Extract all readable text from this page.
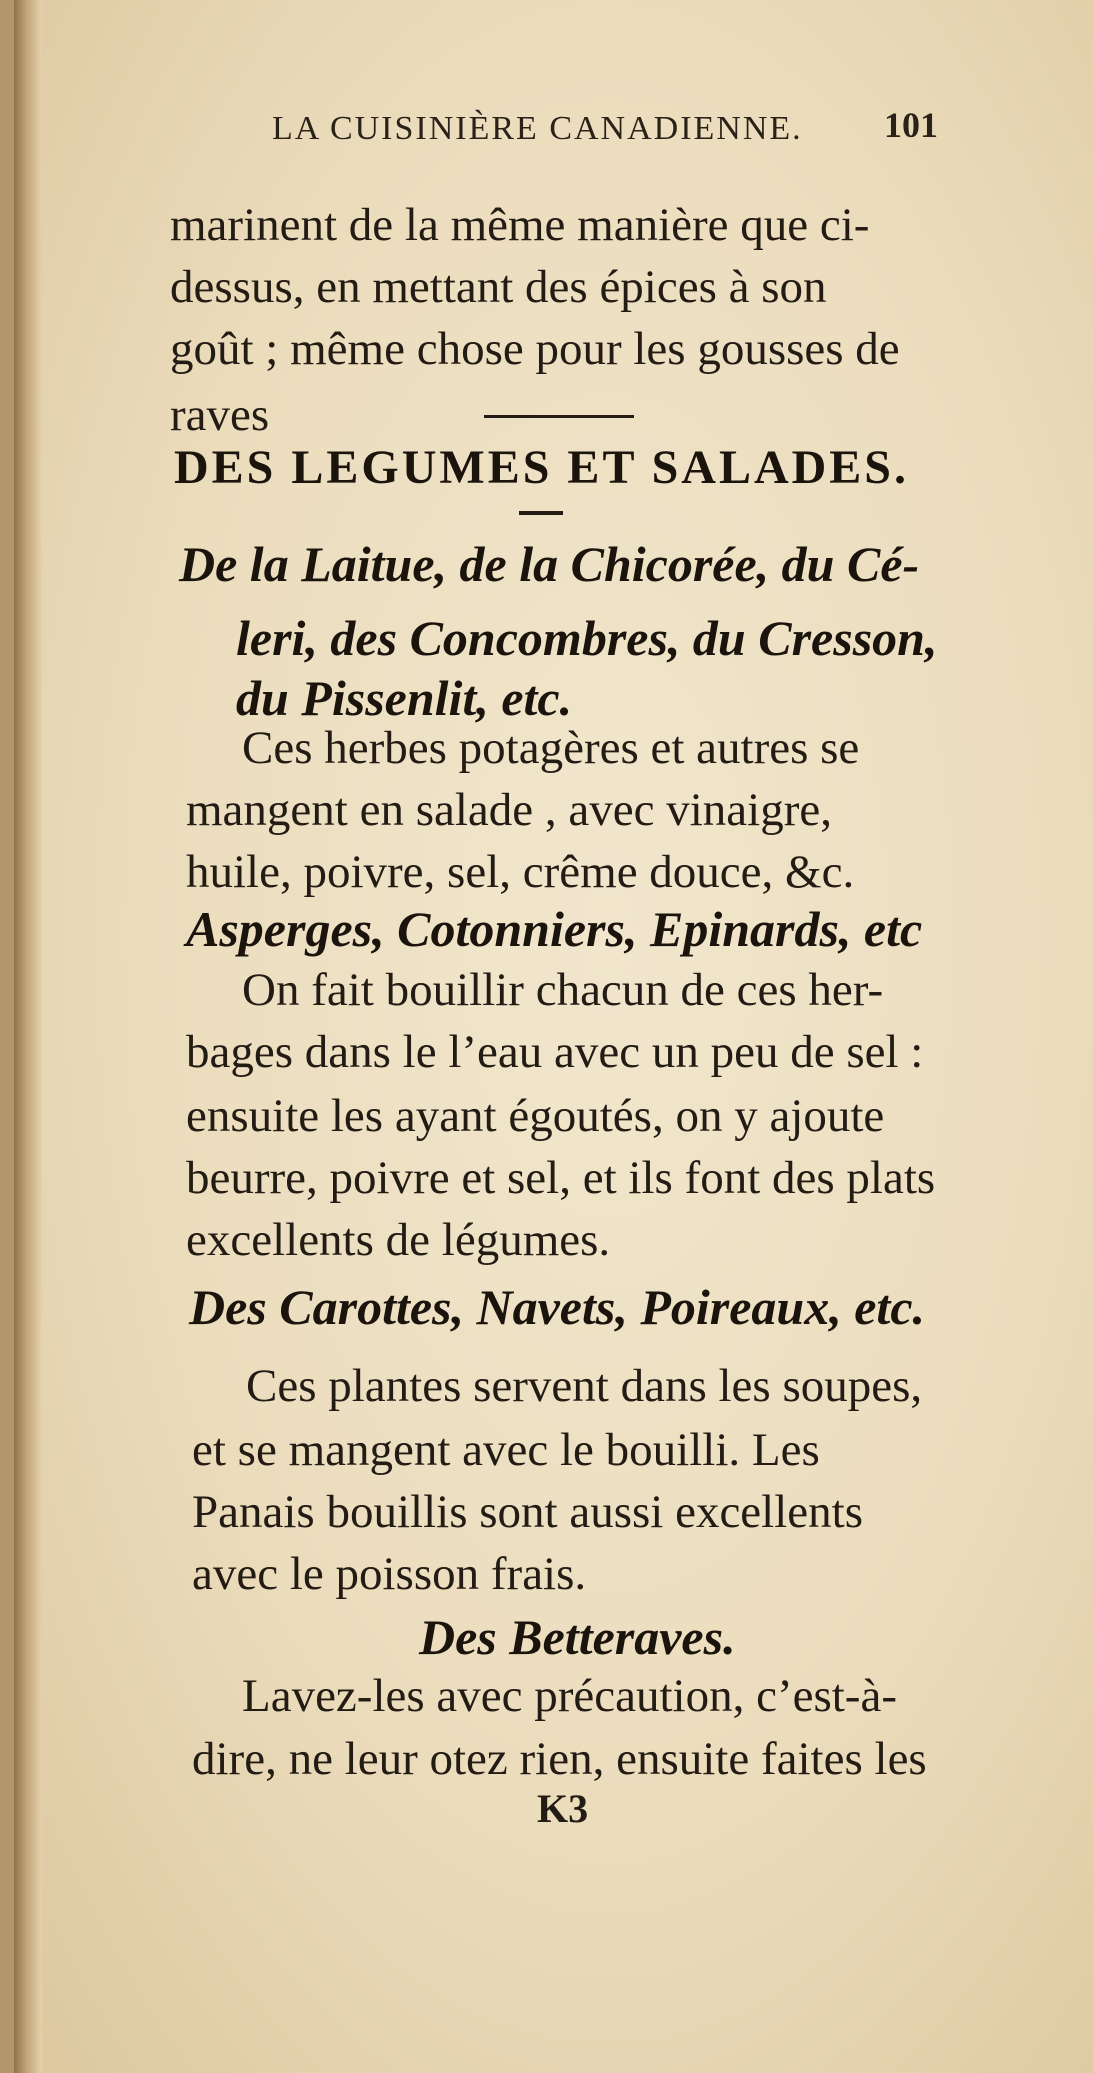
LA CUISINIÈRE CANADIENNE. 101

marinent de la même manière que ci-

dessus, en mettant des épices à son

goût ; même chose pour les gousses de

raves

DES LEGUMES ET SALADES.
De la Laitue, de la Chicorée, du Cé-
leri, des Concombres, du Cresson,
du Pissenlit, etc.

Ces herbes potagères et autres se

mangent en salade , avec vinaigre,

huile, poivre, sel, crême douce, &c.

Asperges, Cotonniers, Epinards, etc

On fait bouillir chacun de ces her-

bages dans le l’eau avec un peu de sel :

ensuite les ayant égoutés, on y ajoute

beurre, poivre et sel, et ils font des plats

excellents de légumes.

Des Carottes, Navets, Poireaux, etc.

Ces plantes servent dans les soupes,

et se mangent avec le bouilli. Les

Panais bouillis sont aussi excellents

avec le poisson frais.

Des Betteraves.

Lavez-les avec précaution, c’est-à-

dire, ne leur otez rien, ensuite faites les

K3
